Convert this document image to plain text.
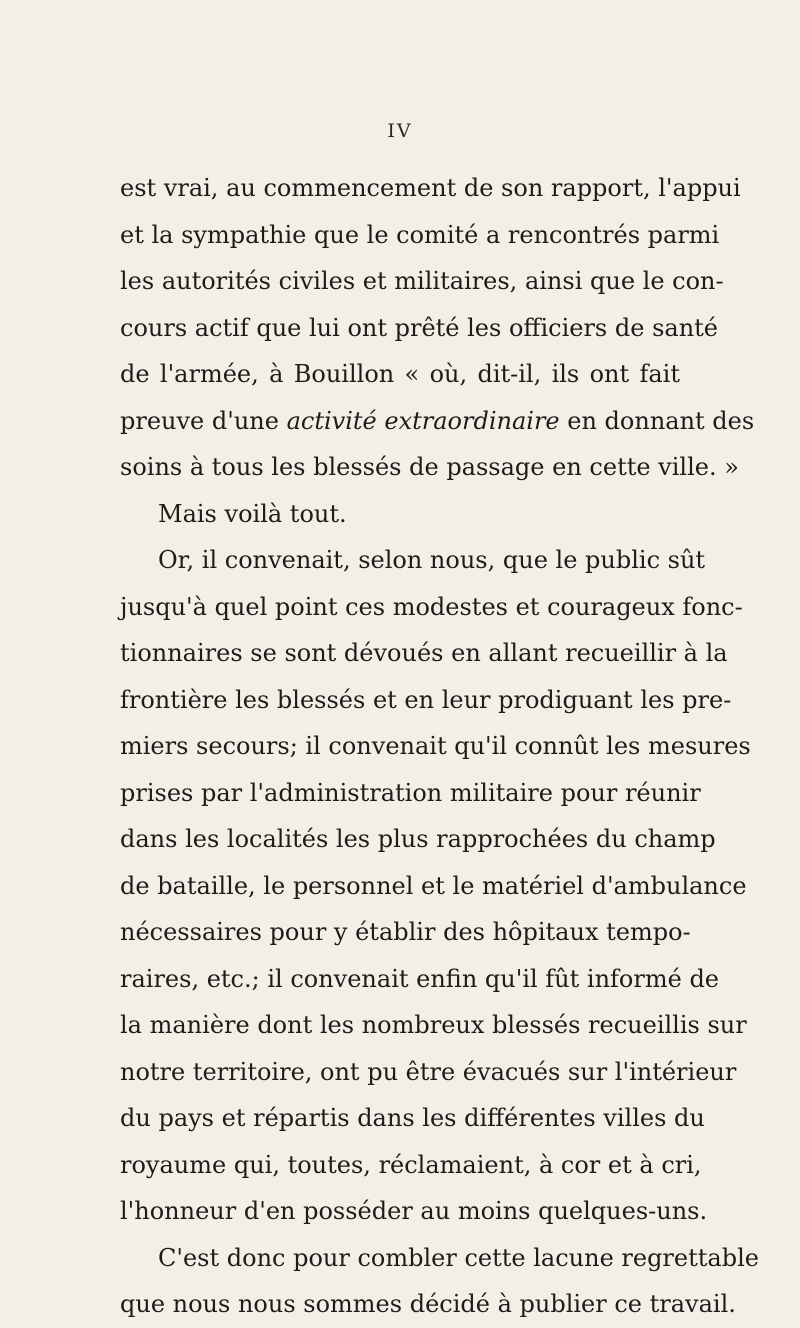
IV
est vrai, au commencement de son rapport, l'appui
et la sympathie que le comité a rencontrés parmi
les autorités civiles et militaires, ainsi que le con-
cours actif que lui ont prêté les officiers de santé
de l'armée, à Bouillon « où, dit-il, ils ont fait
preuve d'une activité extraordinaire en donnant des
soins à tous les blessés de passage en cette ville. »
Mais voilà tout.
Or, il convenait, selon nous, que le public sût
jusqu'à quel point ces modestes et courageux fonc-
tionnaires se sont dévoués en allant recueillir à la
frontière les blessés et en leur prodiguant les pre-
miers secours; il convenait qu'il connût les mesures
prises par l'administration militaire pour réunir
dans les localités les plus rapprochées du champ
de bataille, le personnel et le matériel d'ambulance
nécessaires pour y établir des hôpitaux tempo-
raires, etc.; il convenait enfin qu'il fût informé de
la manière dont les nombreux blessés recueillis sur
notre territoire, ont pu être évacués sur l'intérieur
du pays et répartis dans les différentes villes du
royaume qui, toutes, réclamaient, à cor et à cri,
l'honneur d'en posséder au moins quelques-uns.
C'est donc pour combler cette lacune regrettable
que nous nous sommes décidé à publier ce travail.
